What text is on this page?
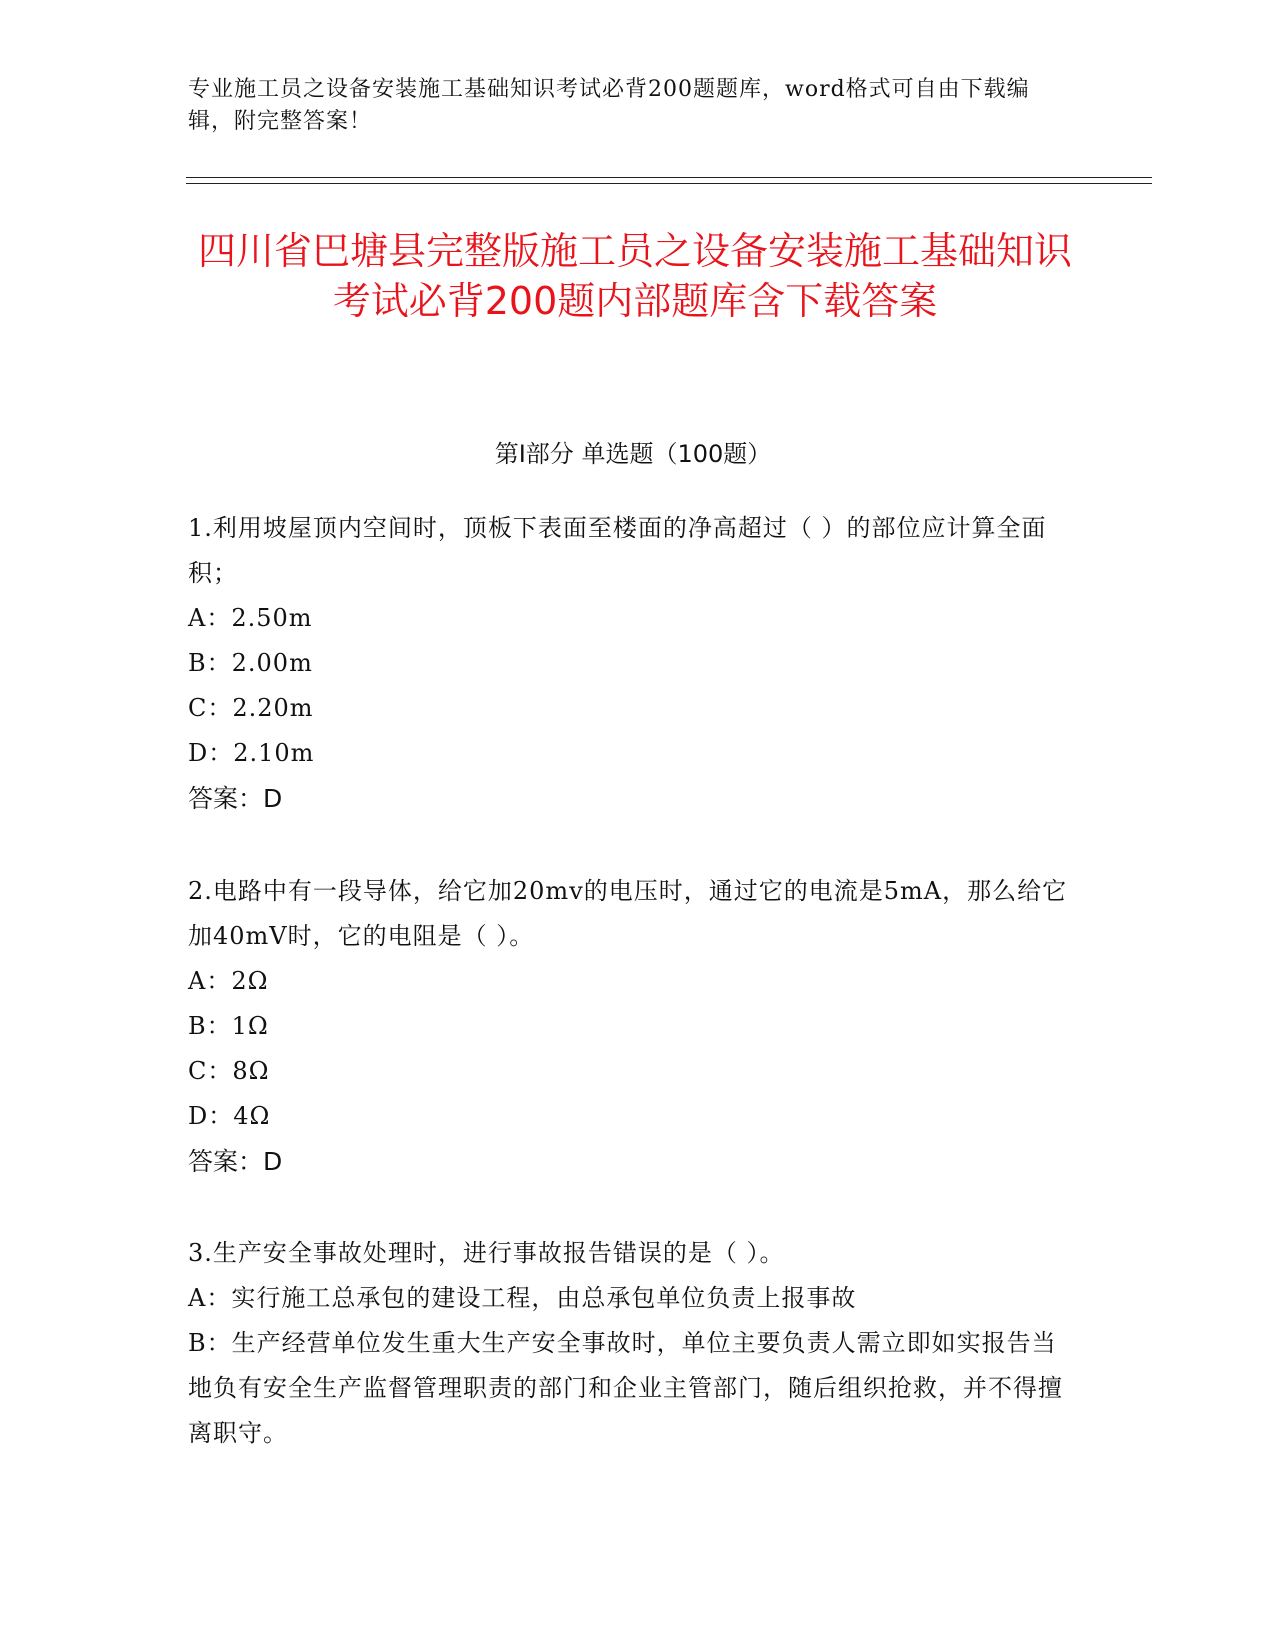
专业施工员之设备安装施工基础知识考试必背200题题库，word格式可自由下载编辑，附完整答案！
四川省巴塘县完整版施工员之设备安装施工基础知识考试必背200题内部题库含下载答案
第Ⅰ部分 单选题（100题）

1.利用坡屋顶内空间时，顶板下表面至楼面的净高超过（ ）的部位应计算全面积；

A：2.50m

B：2.00m

C：2.20m

D：2.10m

答案：D

2.电路中有一段导体，给它加20mv的电压时，通过它的电流是5mA，那么给它加40mV时，它的电阻是（ ）。

A：2Ω

B：1Ω

C：8Ω

D：4Ω

答案：D

3.生产安全事故处理时，进行事故报告错误的是（ ）。

A：实行施工总承包的建设工程，由总承包单位负责上报事故

B：生产经营单位发生重大生产安全事故时，单位主要负责人需立即如实报告当地负有安全生产监督管理职责的部门和企业主管部门，随后组织抢救，并不得擅离职守。
